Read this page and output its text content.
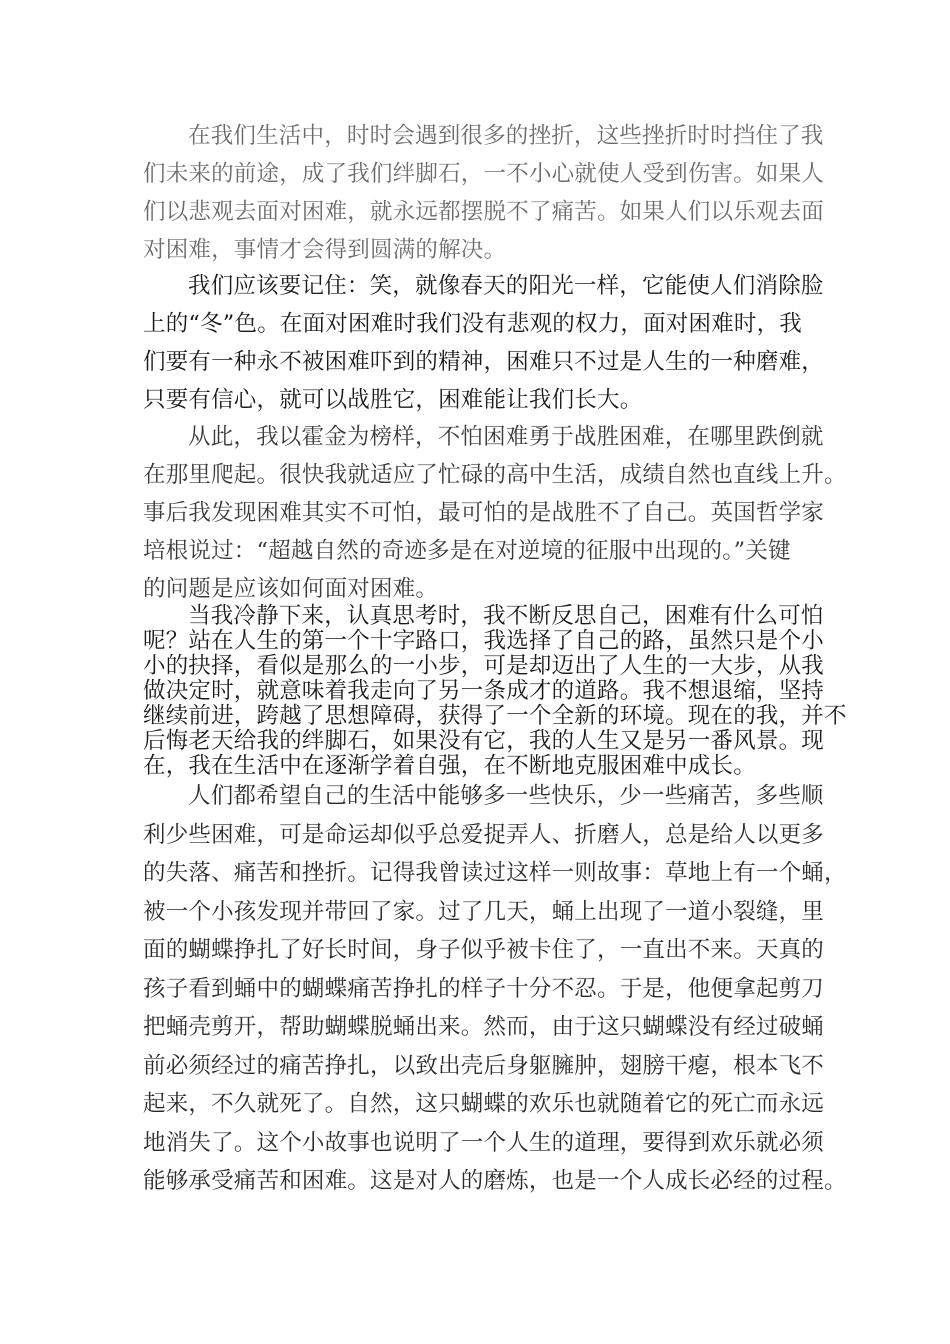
在我们生活中，时时会遇到很多的挫折，这些挫折时时挡住了我
们未来的前途，成了我们绊脚石，一不小心就使人受到伤害。如果人
们以悲观去面对困难，就永远都摆脱不了痛苦。如果人们以乐观去面
对困难，事情才会得到圆满的解决。
我们应该要记住：笑，就像春天的阳光一样，它能使人们消除脸
上的“冬”色。在面对困难时我们没有悲观的权力，面对困难时，我
们要有一种永不被困难吓到的精神，困难只不过是人生的一种磨难，
只要有信心，就可以战胜它，困难能让我们长大。
从此，我以霍金为榜样，不怕困难勇于战胜困难，在哪里跌倒就
在那里爬起。很快我就适应了忙碌的高中生活，成绩自然也直线上升。
事后我发现困难其实不可怕，最可怕的是战胜不了自己。英国哲学家
培根说过：“超越自然的奇迹多是在对逆境的征服中出现的。”关键
的问题是应该如何面对困难。
当我冷静下来，认真思考时，我不断反思自己，困难有什么可怕
呢？站在人生的第一个十字路口，我选择了自己的路，虽然只是个小
小的抉择，看似是那么的一小步，可是却迈出了人生的一大步，从我
做决定时，就意味着我走向了另一条成才的道路。我不想退缩，坚持
继续前进，跨越了思想障碍，获得了一个全新的环境。现在的我，并不
后悔老天给我的绊脚石，如果没有它，我的人生又是另一番风景。现
在，我在生活中在逐渐学着自强，在不断地克服困难中成长。
人们都希望自己的生活中能够多一些快乐，少一些痛苦，多些顺
利少些困难，可是命运却似乎总爱捉弄人、折磨人，总是给人以更多
的失落、痛苦和挫折。记得我曾读过这样一则故事：草地上有一个蛹，
被一个小孩发现并带回了家。过了几天，蛹上出现了一道小裂缝，里
面的蝴蝶挣扎了好长时间，身子似乎被卡住了，一直出不来。天真的
孩子看到蛹中的蝴蝶痛苦挣扎的样子十分不忍。于是，他便拿起剪刀
把蛹壳剪开，帮助蝴蝶脱蛹出来。然而，由于这只蝴蝶没有经过破蛹
前必须经过的痛苦挣扎，以致出壳后身躯臃肿，翅膀干瘪，根本飞不
起来，不久就死了。自然，这只蝴蝶的欢乐也就随着它的死亡而永远
地消失了。这个小故事也说明了一个人生的道理，要得到欢乐就必须
能够承受痛苦和困难。这是对人的磨炼，也是一个人成长必经的过程。
